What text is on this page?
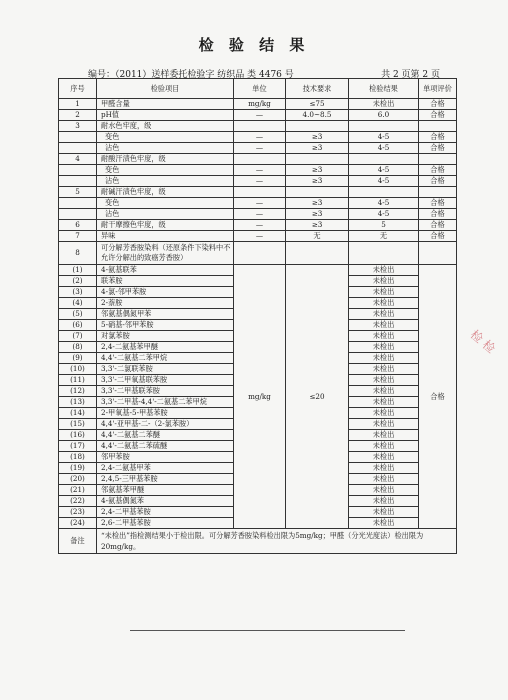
检 验 结 果
编号：（2011）送样委托检验字 纺织品 类 4476 号	共 2 页第 2 页
序号	检验项目	单位	技术要求	检验结果	单项评价
1	甲醛含量	mg/kg	≤75	未检出	合格
2	pH值	—	4.0~8.5	6.0	合格
3	耐水色牢度，级				
	变色	—	≥3	4-5	合格
	沾色	—	≥3	4-5	合格
4	耐酸汗渍色牢度，级				
	变色	—	≥3	4-5	合格
	沾色	—	≥3	4-5	合格
5	耐碱汗渍色牢度，级				
	变色	—	≥3	4-5	合格
	沾色	—	≥3	4-5	合格
6	耐干摩擦色牢度，级	—	≥3	5	合格
7	异味	—	无	无	合格
8	可分解芳香胺染料（还原条件下染料中不允许分解出的致癌芳香胺）				
(1)	4-氨基联苯	mg/kg	≤20	未检出	合格
(2)	联苯胺			未检出	
(3)	4-氯-邻甲苯胺			未检出	
(4)	2-萘胺			未检出	
(5)	邻氨基偶氮甲苯			未检出	
(6)	5-硝基-邻甲苯胺			未检出	
(7)	对氯苯胺			未检出	
(8)	2,4-二氨基苯甲醚			未检出	
(9)	4,4'-二氨基二苯甲烷			未检出	
(10)	3,3'-二氯联苯胺			未检出	
(11)	3,3'-二甲氧基联苯胺			未检出	
(12)	3,3'-二甲基联苯胺			未检出	
(13)	3,3'-二甲基-4,4'-二氨基二苯甲烷			未检出	
(14)	2-甲氧基-5-甲基苯胺			未检出	
(15)	4,4'-亚甲基-二-（2-氯苯胺）			未检出	
(16)	4,4'-二氨基二苯醚			未检出	
(17)	4,4'-二氨基二苯硫醚			未检出	
(18)	邻甲苯胺			未检出	
(19)	2,4-二氨基甲苯			未检出	
(20)	2,4,5-三甲基苯胺			未检出	
(21)	邻氨基苯甲醚			未检出	
(22)	4-氨基偶氮苯			未检出	
(23)	2,4-二甲基苯胺			未检出	
(24)	2,6-二甲基苯胺			未检出	
备注	“未检出”指检测结果小于检出限。可分解芳香胺染料检出限为5mg/kg；甲醛（分光光度法）检出限为20mg/kg。				
检 检
